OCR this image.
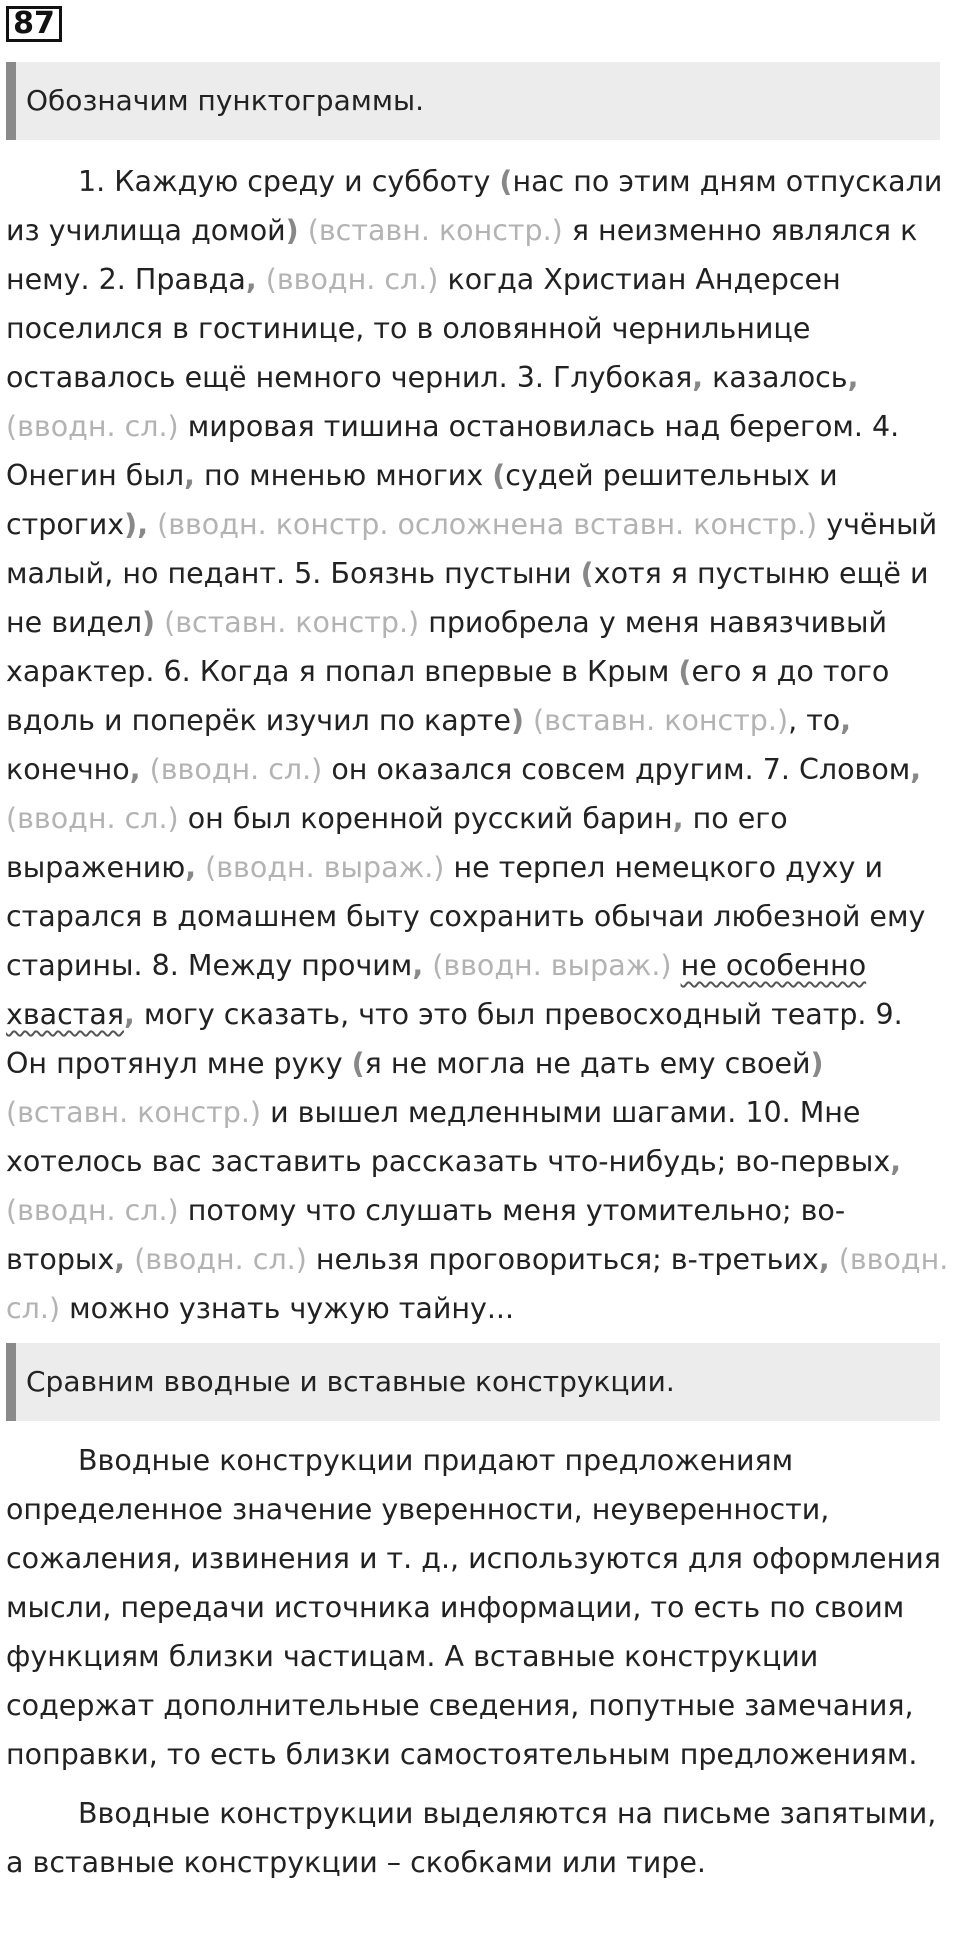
87
Обозначим пунктограммы.

1. Каждую среду и субботу (нас по этим дням отпускали из училища домой) (вставн. констр.) я неизменно являлся к нему. 2. Правда, (вводн. сл.) когда Христиан Андерсен поселился в гостинице, то в оловянной чернильнице оставалось ещё немного чернил. 3. Глубокая, казалось, (вводн. сл.) мировая тишина остановилась над берегом. 4. Онегин был, по мненью многих (судей решительных и строгих), (вводн. констр. осложнена вставн. констр.) учёный малый, но педант. 5. Боязнь пустыни (хотя я пустыню ещё и не видел) (вставн. констр.) приобрела у меня навязчивый характер. 6. Когда я попал впервые в Крым (его я до того вдоль и поперёк изучил по карте) (вставн. констр.), то, конечно, (вводн. сл.) он оказался совсем другим. 7. Словом, (вводн. сл.) он был коренной русский барин, по его выражению, (вводн. выраж.) не терпел немецкого духу и старался в домашнем быту сохранить обычаи любезной ему старины. 8. Между прочим, (вводн. выраж.) не особенно хвастая, могу сказать, что это был превосходный театр. 9. Он протянул мне руку (я не могла не дать ему своей) (вставн. констр.) и вышел медленными шагами. 10. Мне хотелось вас заставить рассказать что-нибудь; во-первых, (вводн. сл.) потому что слушать меня утомительно; во-вторых, (вводн. сл.) нельзя проговориться; в-третьих, (вводн. сл.) можно узнать чужую тайну...

Сравним вводные и вставные конструкции.

Вводные конструкции придают предложениям определенное значение уверенности, неуверенности, сожаления, извинения и т. д., используются для оформления мысли, передачи источника информации, то есть по своим функциям близки частицам. А вставные конструкции содержат дополнительные сведения, попутные замечания, поправки, то есть близки самостоятельным предложениям.

Вводные конструкции выделяются на письме запятыми, а вставные конструкции – скобками или тире.
